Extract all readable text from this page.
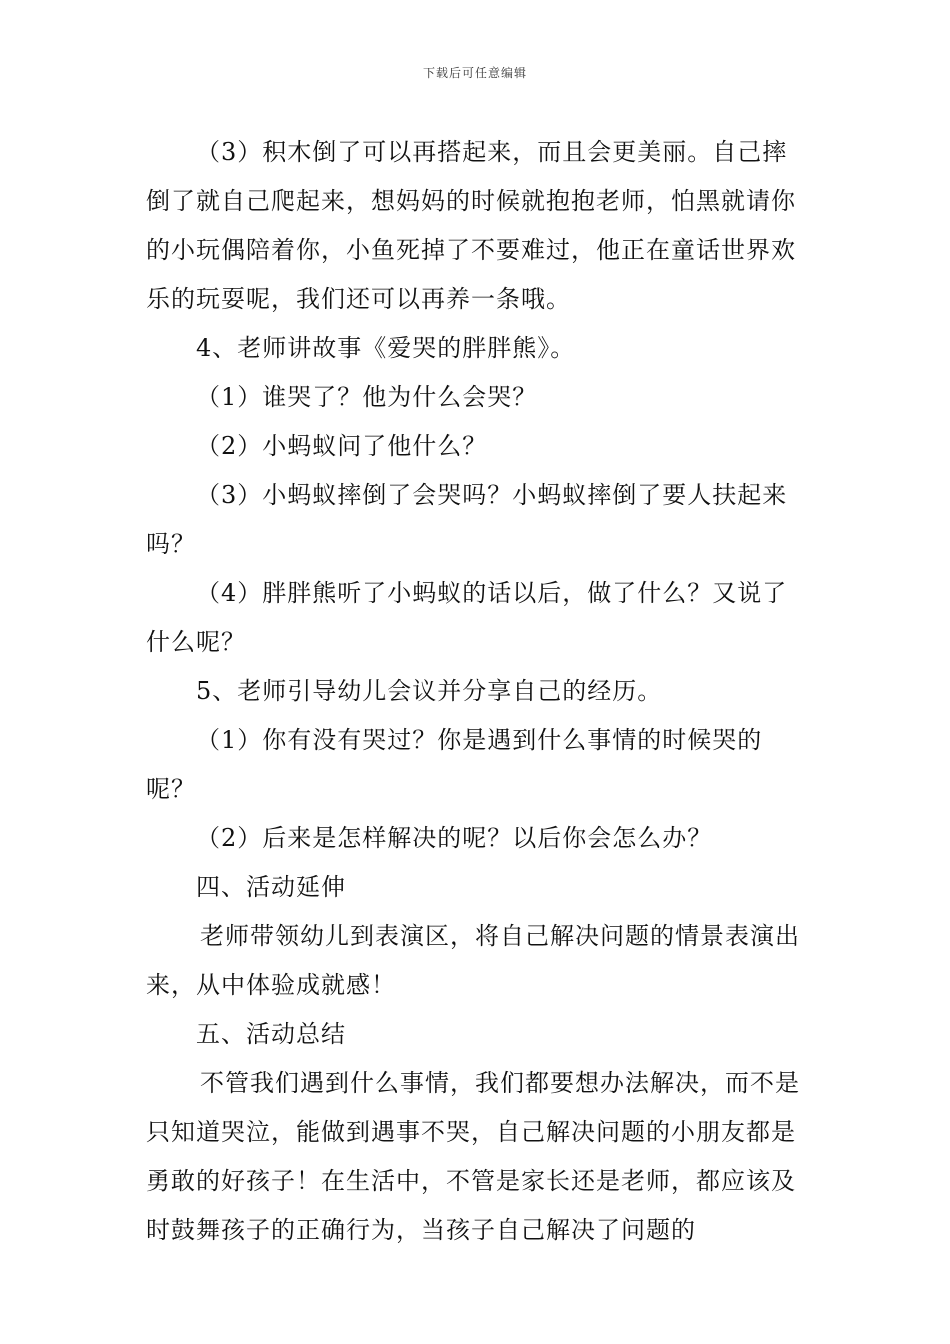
下载后可任意编辑

（3）积木倒了可以再搭起来，而且会更美丽。自己摔倒了就自己爬起来，想妈妈的时候就抱抱老师，怕黑就请你的小玩偶陪着你，小鱼死掉了不要难过，他正在童话世界欢乐的玩耍呢，我们还可以再养一条哦。

4、老师讲故事《爱哭的胖胖熊》。

（1）谁哭了？他为什么会哭？

（2）小蚂蚁问了他什么？

（3）小蚂蚁摔倒了会哭吗？小蚂蚁摔倒了要人扶起来吗？

（4）胖胖熊听了小蚂蚁的话以后，做了什么？又说了什么呢？

5、老师引导幼儿会议并分享自己的经历。

（1）你有没有哭过？你是遇到什么事情的时候哭的呢？

（2）后来是怎样解决的呢？以后你会怎么办？

四、活动延伸

老师带领幼儿到表演区，将自己解决问题的情景表演出来，从中体验成就感！

五、活动总结

不管我们遇到什么事情，我们都要想办法解决，而不是只知道哭泣，能做到遇事不哭，自己解决问题的小朋友都是勇敢的好孩子！在生活中，不管是家长还是老师，都应该及时鼓舞孩子的正确行为，当孩子自己解决了问题的
